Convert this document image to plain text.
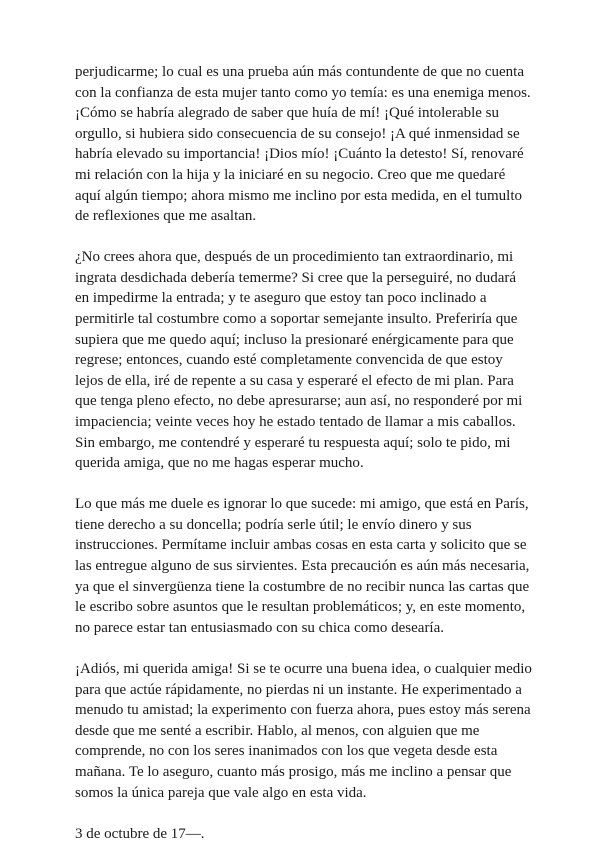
perjudicarme; lo cual es una prueba aún más contundente de que no cuenta
con la confianza de esta mujer tanto como yo temía: es una enemiga menos.
¡Cómo se habría alegrado de saber que huía de mí! ¡Qué intolerable su
orgullo, si hubiera sido consecuencia de su consejo! ¡A qué inmensidad se
habría elevado su importancia! ¡Dios mío! ¡Cuánto la detesto! Sí, renovaré
mi relación con la hija y la iniciaré en su negocio. Creo que me quedaré
aquí algún tiempo; ahora mismo me inclino por esta medida, en el tumulto
de reflexiones que me asaltan.

¿No crees ahora que, después de un procedimiento tan extraordinario, mi
ingrata desdichada debería temerme? Si cree que la perseguiré, no dudará
en impedirme la entrada; y te aseguro que estoy tan poco inclinado a
permitirle tal costumbre como a soportar semejante insulto. Preferiría que
supiera que me quedo aquí; incluso la presionaré enérgicamente para que
regrese; entonces, cuando esté completamente convencida de que estoy
lejos de ella, iré de repente a su casa y esperaré el efecto de mi plan. Para
que tenga pleno efecto, no debe apresurarse; aun así, no responderé por mi
impaciencia; veinte veces hoy he estado tentado de llamar a mis caballos.
Sin embargo, me contendré y esperaré tu respuesta aquí; solo te pido, mi
querida amiga, que no me hagas esperar mucho.

Lo que más me duele es ignorar lo que sucede: mi amigo, que está en París,
tiene derecho a su doncella; podría serle útil; le envío dinero y sus
instrucciones. Permítame incluir ambas cosas en esta carta y solicito que se
las entregue alguno de sus sirvientes. Esta precaución es aún más necesaria,
ya que el sinvergüenza tiene la costumbre de no recibir nunca las cartas que
le escribo sobre asuntos que le resultan problemáticos; y, en este momento,
no parece estar tan entusiasmado con su chica como desearía.

¡Adiós, mi querida amiga! Si se te ocurre una buena idea, o cualquier medio
para que actúe rápidamente, no pierdas ni un instante. He experimentado a
menudo tu amistad; la experimento con fuerza ahora, pues estoy más serena
desde que me senté a escribir. Hablo, al menos, con alguien que me
comprende, no con los seres inanimados con los que vegeta desde esta
mañana. Te lo aseguro, cuanto más prosigo, más me inclino a pensar que
somos la única pareja que vale algo en esta vida.

3 de octubre de 17—.
